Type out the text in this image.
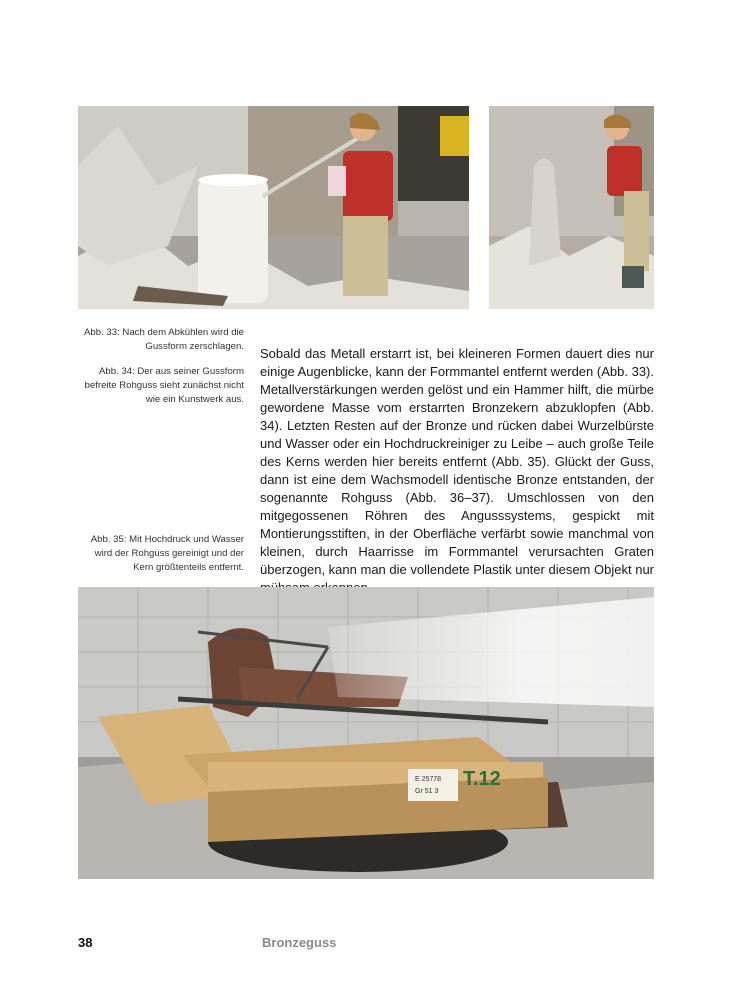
Abb. 33: Nach dem Abkühlen wird die Gussform zerschlagen.
Abb. 34: Der aus seiner Gussform befreite Rohguss sieht zunächst nicht wie ein Kunstwerk aus.
Abb. 35: Mit Hochdruck und Wasser wird der Rohguss gereinigt und der Kern größtenteils entfernt.

Sobald das Metall erstarrt ist, bei kleineren Formen dauert dies nur einige Augenblicke, kann der Formmantel entfernt werden (Abb. 33). Metallverstärkungen werden gelöst und ein Hammer hilft, die mürbe gewordene Masse vom erstarrten Bronzekern abzuklopfen (Abb. 34). Letzten Resten auf der Bronze und rücken dabei Wurzelbürste und Wasser oder ein Hochdruckreiniger zu Leibe – auch große Teile des Kerns werden hier bereits entfernt (Abb. 35). Glückt der Guss, dann ist eine dem Wachsmodell identische Bronze entstanden, der sogenannte Rohguss (Abb. 36–37). Umschlossen von den mitgegossenen Röhren des Angusssystems, gespickt mit Montierungsstiften, in der Oberfläche verfärbt sowie manchmal von kleinen, durch Haarrisse im Formmantel verursachten Graten überzogen, kann man die vollendete Plastik unter diesem Objekt nur

E 25778
Gr 51 3
T.12
38	Bronzeguss
